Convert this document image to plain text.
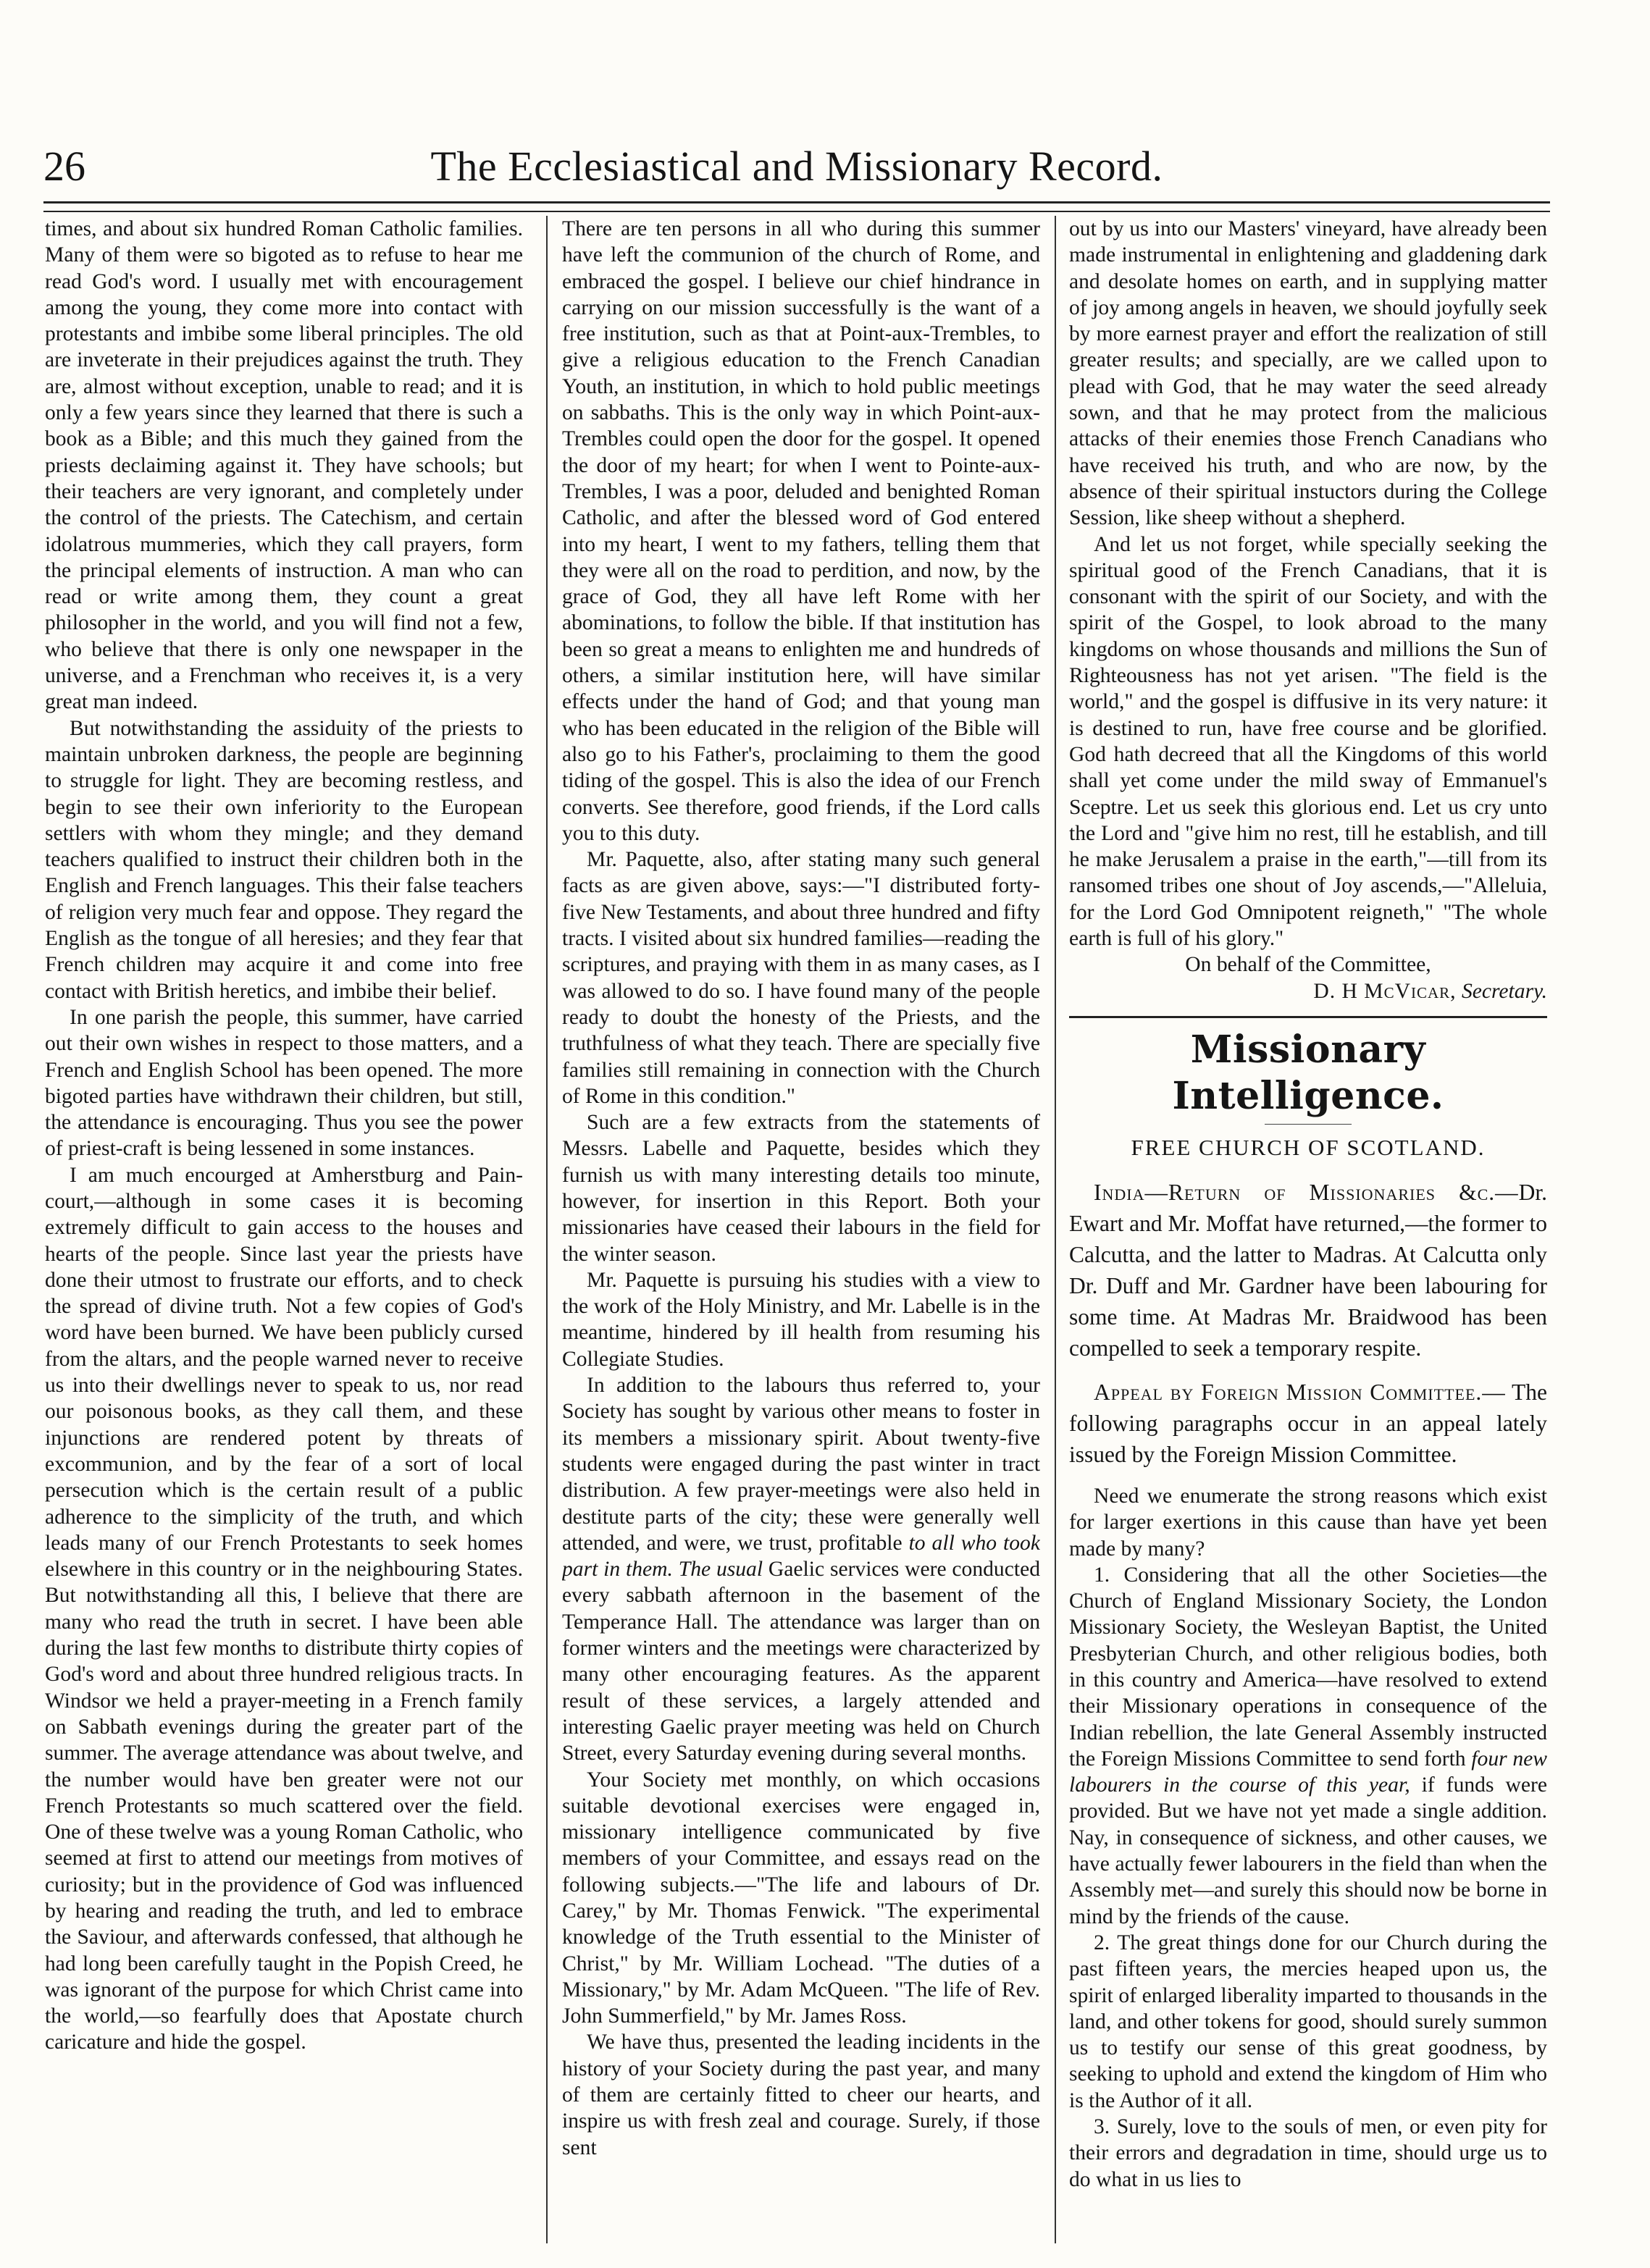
26	The Ecclesiastical and Missionary Record.

times, and about six hundred Roman Catholic families. Many of them were so bigoted as to refuse to hear me read God's word. I usually met with encouragement among the young, they come more into contact with protestants and imbibe some liberal principles. The old are inveterate in their prejudices against the truth. They are, almost without exception, unable to read; and it is only a few years since they learned that there is such a book as a Bible; and this much they gained from the priests declaiming against it. They have schools; but their teachers are very ignorant, and completely under the control of the priests. The Catechism, and certain idolatrous mummeries, which they call prayers, form the principal elements of instruction. A man who can read or write among them, they count a great philosopher in the world, and you will find not a few, who believe that there is only one newspaper in the universe, and a Frenchman who receives it, is a very great man indeed.

But notwithstanding the assiduity of the priests to maintain unbroken darkness, the people are beginning to struggle for light. They are becoming restless, and begin to see their own inferiority to the European settlers with whom they mingle; and they demand teachers qualified to instruct their children both in the English and French languages. This their false teachers of religion very much fear and oppose. They regard the English as the tongue of all heresies; and they fear that French children may acquire it and come into free contact with British heretics, and imbibe their belief.

In one parish the people, this summer, have carried out their own wishes in respect to those matters, and a French and English School has been opened. The more bigoted parties have withdrawn their children, but still, the attendance is encouraging. Thus you see the power of priest-craft is being lessened in some instances.

I am much encourged at Amherstburg and Pain-court,—although in some cases it is becoming extremely difficult to gain access to the houses and hearts of the people. Since last year the priests have done their utmost to frustrate our efforts, and to check the spread of divine truth. Not a few copies of God's word have been burned. We have been publicly cursed from the altars, and the people warned never to receive us into their dwellings never to speak to us, nor read our poisonous books, as they call them, and these injunctions are rendered potent by threats of excommunion, and by the fear of a sort of local persecution which is the certain result of a public adherence to the simplicity of the truth, and which leads many of our French Protestants to seek homes elsewhere in this country or in the neighbouring States. But notwithstanding all this, I believe that there are many who read the truth in secret. I have been able during the last few months to distribute thirty copies of God's word and about three hundred religious tracts. In Windsor we held a prayer-meeting in a French family on Sabbath evenings during the greater part of the summer. The average attendance was about twelve, and the number would have ben greater were not our French Protestants so much scattered over the field. One of these twelve was a young Roman Catholic, who seemed at first to attend our meetings from motives of curiosity; but in the providence of God was influenced by hearing and reading the truth, and led to embrace the Saviour, and afterwards confessed, that although he had long been carefully taught in the Popish Creed, he was ignorant of the purpose for which Christ came into the world,—so fearfully does that Apostate church caricature and hide the gospel.

There are ten persons in all who during this summer have left the communion of the church of Rome, and embraced the gospel. I believe our chief hindrance in carrying on our mission successfully is the want of a free institution, such as that at Point-aux-Trembles, to give a religious education to the French Canadian Youth, an institution, in which to hold public meetings on sabbaths. This is the only way in which Point-aux-Trembles could open the door for the gospel. It opened the door of my heart; for when I went to Pointe-aux-Trembles, I was a poor, deluded and benighted Roman Catholic, and after the blessed word of God entered into my heart, I went to my fathers, telling them that they were all on the road to perdition, and now, by the grace of God, they all have left Rome with her abominations, to follow the bible. If that institution has been so great a means to enlighten me and hundreds of others, a similar institution here, will have similar effects under the hand of God; and that young man who has been educated in the religion of the Bible will also go to his Father's, proclaiming to them the good tiding of the gospel. This is also the idea of our French converts. See therefore, good friends, if the Lord calls you to this duty.

Mr. Paquette, also, after stating many such general facts as are given above, says:—"I distributed forty-five New Testaments, and about three hundred and fifty tracts. I visited about six hundred families—reading the scriptures, and praying with them in as many cases, as I was allowed to do so. I have found many of the people ready to doubt the honesty of the Priests, and the truthfulness of what they teach. There are specially five families still remaining in connection with the Church of Rome in this condition."

Such are a few extracts from the statements of Messrs. Labelle and Paquette, besides which they furnish us with many interesting details too minute, however, for insertion in this Report. Both your missionaries have ceased their labours in the field for the winter season.

Mr. Paquette is pursuing his studies with a view to the work of the Holy Ministry, and Mr. Labelle is in the meantime, hindered by ill health from resuming his Collegiate Studies.

In addition to the labours thus referred to, your Society has sought by various other means to foster in its members a missionary spirit. About twenty-five students were engaged during the past winter in tract distribution. A few prayer-meetings were also held in destitute parts of the city; these were generally well attended, and were, we trust, profitable to all who took part in them. The usual Gaelic services were conducted every sabbath afternoon in the basement of the Temperance Hall. The attendance was larger than on former winters and the meetings were characterized by many other encouraging features. As the apparent result of these services, a largely attended and interesting Gaelic prayer meeting was held on Church Street, every Saturday evening during several months.

Your Society met monthly, on which occasions suitable devotional exercises were engaged in, missionary intelligence communicated by five members of your Committee, and essays read on the following subjects.—"The life and labours of Dr. Carey," by Mr. Thomas Fenwick. "The experimental knowledge of the Truth essential to the Minister of Christ," by Mr. William Lochead. "The duties of a Missionary," by Mr. Adam McQueen. "The life of Rev. John Summerfield," by Mr. James Ross.

We have thus, presented the leading incidents in the history of your Society during the past year, and many of them are certainly fitted to cheer our hearts, and inspire us with fresh zeal and courage. Surely, if those sent

out by us into our Masters' vineyard, have already been made instrumental in enlightening and gladdening dark and desolate homes on earth, and in supplying matter of joy among angels in heaven, we should joyfully seek by more earnest prayer and effort the realization of still greater results; and specially, are we called upon to plead with God, that he may water the seed already sown, and that he may protect from the malicious attacks of their enemies those French Canadians who have received his truth, and who are now, by the absence of their spiritual instuctors during the College Session, like sheep without a shepherd.

And let us not forget, while specially seeking the spiritual good of the French Canadians, that it is consonant with the spirit of our Society, and with the spirit of the Gospel, to look abroad to the many kingdoms on whose thousands and millions the Sun of Righteousness has not yet arisen. "The field is the world," and the gospel is diffusive in its very nature: it is destined to run, have free course and be glorified. God hath decreed that all the Kingdoms of this world shall yet come under the mild sway of Emmanuel's Sceptre. Let us seek this glorious end. Let us cry unto the Lord and "give him no rest, till he establish, and till he make Jerusalem a praise in the earth,"—till from its ransomed tribes one shout of Joy ascends,—"Alleluia, for the Lord God Omnipotent reigneth," "The whole earth is full of his glory."

On behalf of the Committee,

D. H McVicar, Secretary.

Missionary Intelligence.
FREE CHURCH OF SCOTLAND.

India—Return of Missionaries &c.—Dr. Ewart and Mr. Moffat have returned,—the former to Calcutta, and the latter to Madras. At Calcutta only Dr. Duff and Mr. Gardner have been labouring for some time. At Madras Mr. Braidwood has been compelled to seek a temporary respite.

Appeal by Foreign Mission Committee.— The following paragraphs occur in an appeal lately issued by the Foreign Mission Committee.

Need we enumerate the strong reasons which exist for larger exertions in this cause than have yet been made by many?

1. Considering that all the other Societies—the Church of England Missionary Society, the London Missionary Society, the Wesleyan Baptist, the United Presbyterian Church, and other religious bodies, both in this country and America—have resolved to extend their Missionary operations in consequence of the Indian rebellion, the late General Assembly instructed the Foreign Missions Committee to send forth four new labourers in the course of this year, if funds were provided. But we have not yet made a single addition. Nay, in consequence of sickness, and other causes, we have actually fewer labourers in the field than when the Assembly met—and surely this should now be borne in mind by the friends of the cause.

2. The great things done for our Church during the past fifteen years, the mercies heaped upon us, the spirit of enlarged liberality imparted to thousands in the land, and other tokens for good, should surely summon us to testify our sense of this great goodness, by seeking to uphold and extend the kingdom of Him who is the Author of it all.

3. Surely, love to the souls of men, or even pity for their errors and degradation in time, should urge us to do what in us lies to
